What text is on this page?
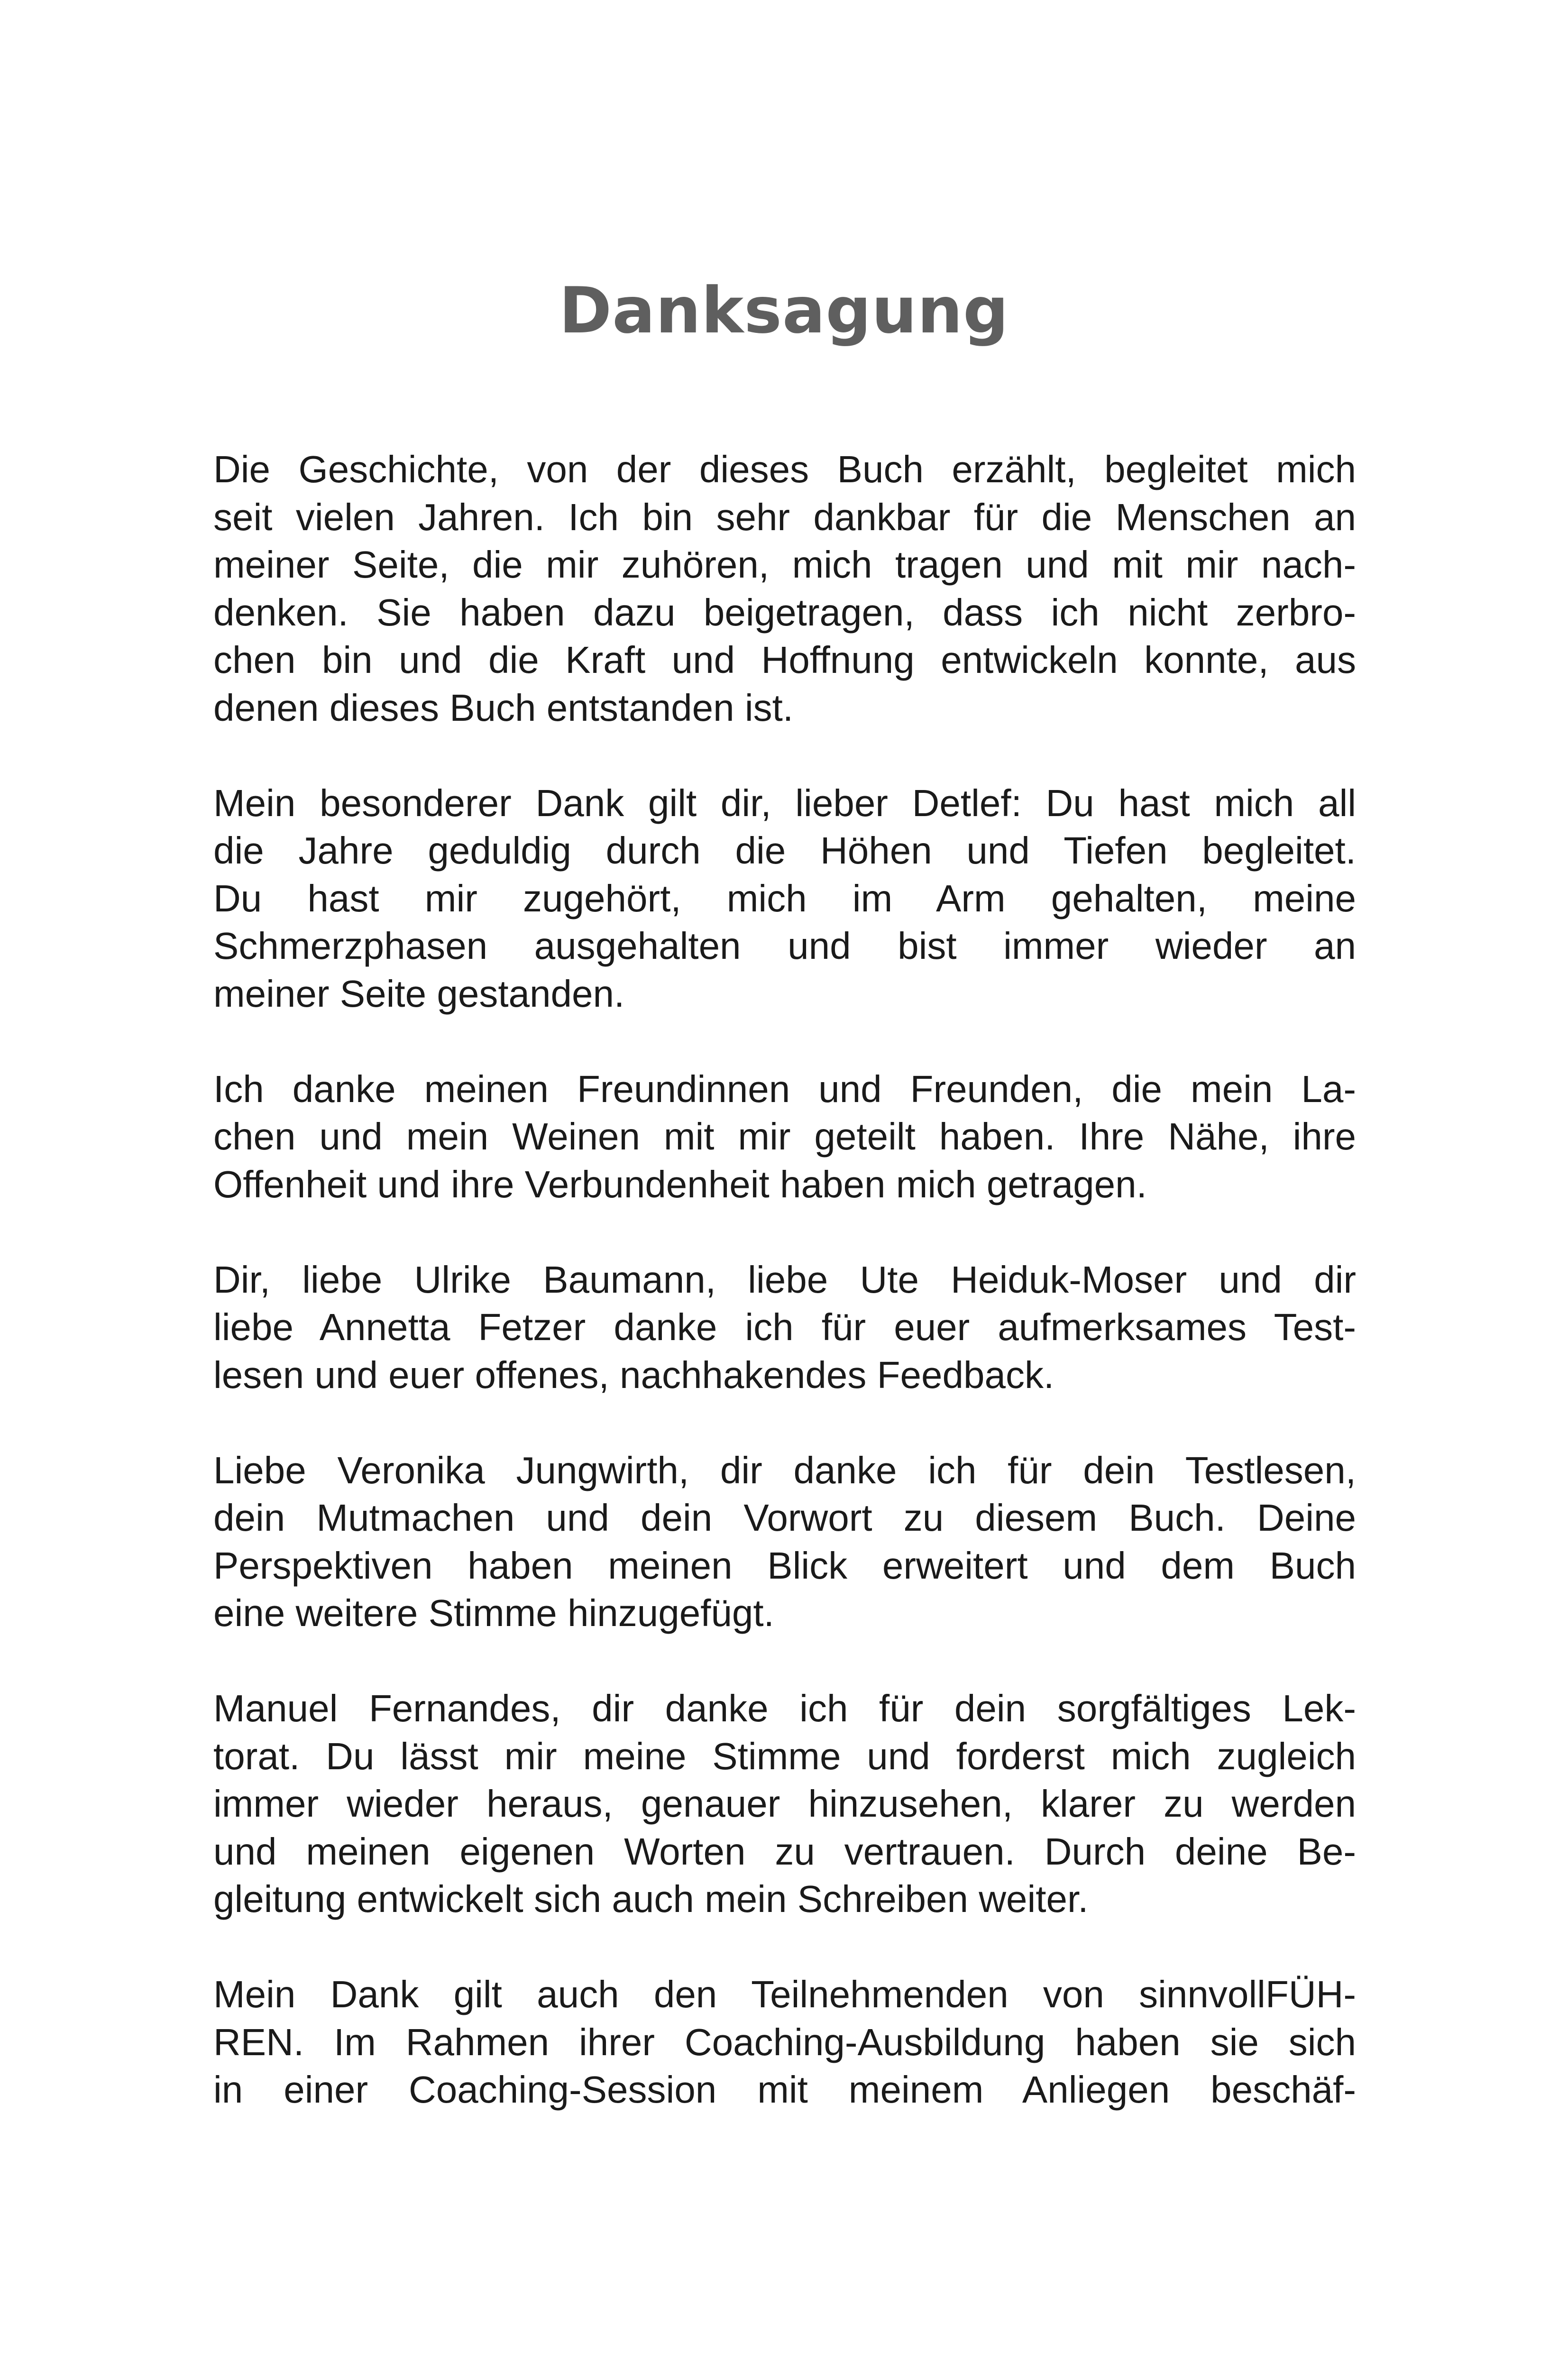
Danksagung
Die Geschichte, von der dieses Buch erzählt, begleitet mich
seit vielen Jahren. Ich bin sehr dankbar für die Menschen an
meiner Seite, die mir zuhören, mich tragen und mit mir nach-
denken. Sie haben dazu beigetragen, dass ich nicht zerbro-
chen bin und die Kraft und Hoffnung entwickeln konnte, aus
denen dieses Buch entstanden ist.
Mein besonderer Dank gilt dir, lieber Detlef: Du hast mich all
die Jahre geduldig durch die Höhen und Tiefen begleitet.
Du hast mir zugehört, mich im Arm gehalten, meine
Schmerzphasen ausgehalten und bist immer wieder an
meiner Seite gestanden.
Ich danke meinen Freundinnen und Freunden, die mein La-
chen und mein Weinen mit mir geteilt haben. Ihre Nähe, ihre
Offenheit und ihre Verbundenheit haben mich getragen.
Dir, liebe Ulrike Baumann, liebe Ute Heiduk-Moser und dir
liebe Annetta Fetzer danke ich für euer aufmerksames Test-
lesen und euer offenes, nachhakendes Feedback.
Liebe Veronika Jungwirth, dir danke ich für dein Testlesen,
dein Mutmachen und dein Vorwort zu diesem Buch. Deine
Perspektiven haben meinen Blick erweitert und dem Buch
eine weitere Stimme hinzugefügt.
Manuel Fernandes, dir danke ich für dein sorgfältiges Lek-
torat. Du lässt mir meine Stimme und forderst mich zugleich
immer wieder heraus, genauer hinzusehen, klarer zu werden
und meinen eigenen Worten zu vertrauen. Durch deine Be-
gleitung entwickelt sich auch mein Schreiben weiter.
Mein Dank gilt auch den Teilnehmenden von sinnvollFÜH-
REN. Im Rahmen ihrer Coaching-Ausbildung haben sie sich
in einer Coaching-Session mit meinem Anliegen beschäf-
